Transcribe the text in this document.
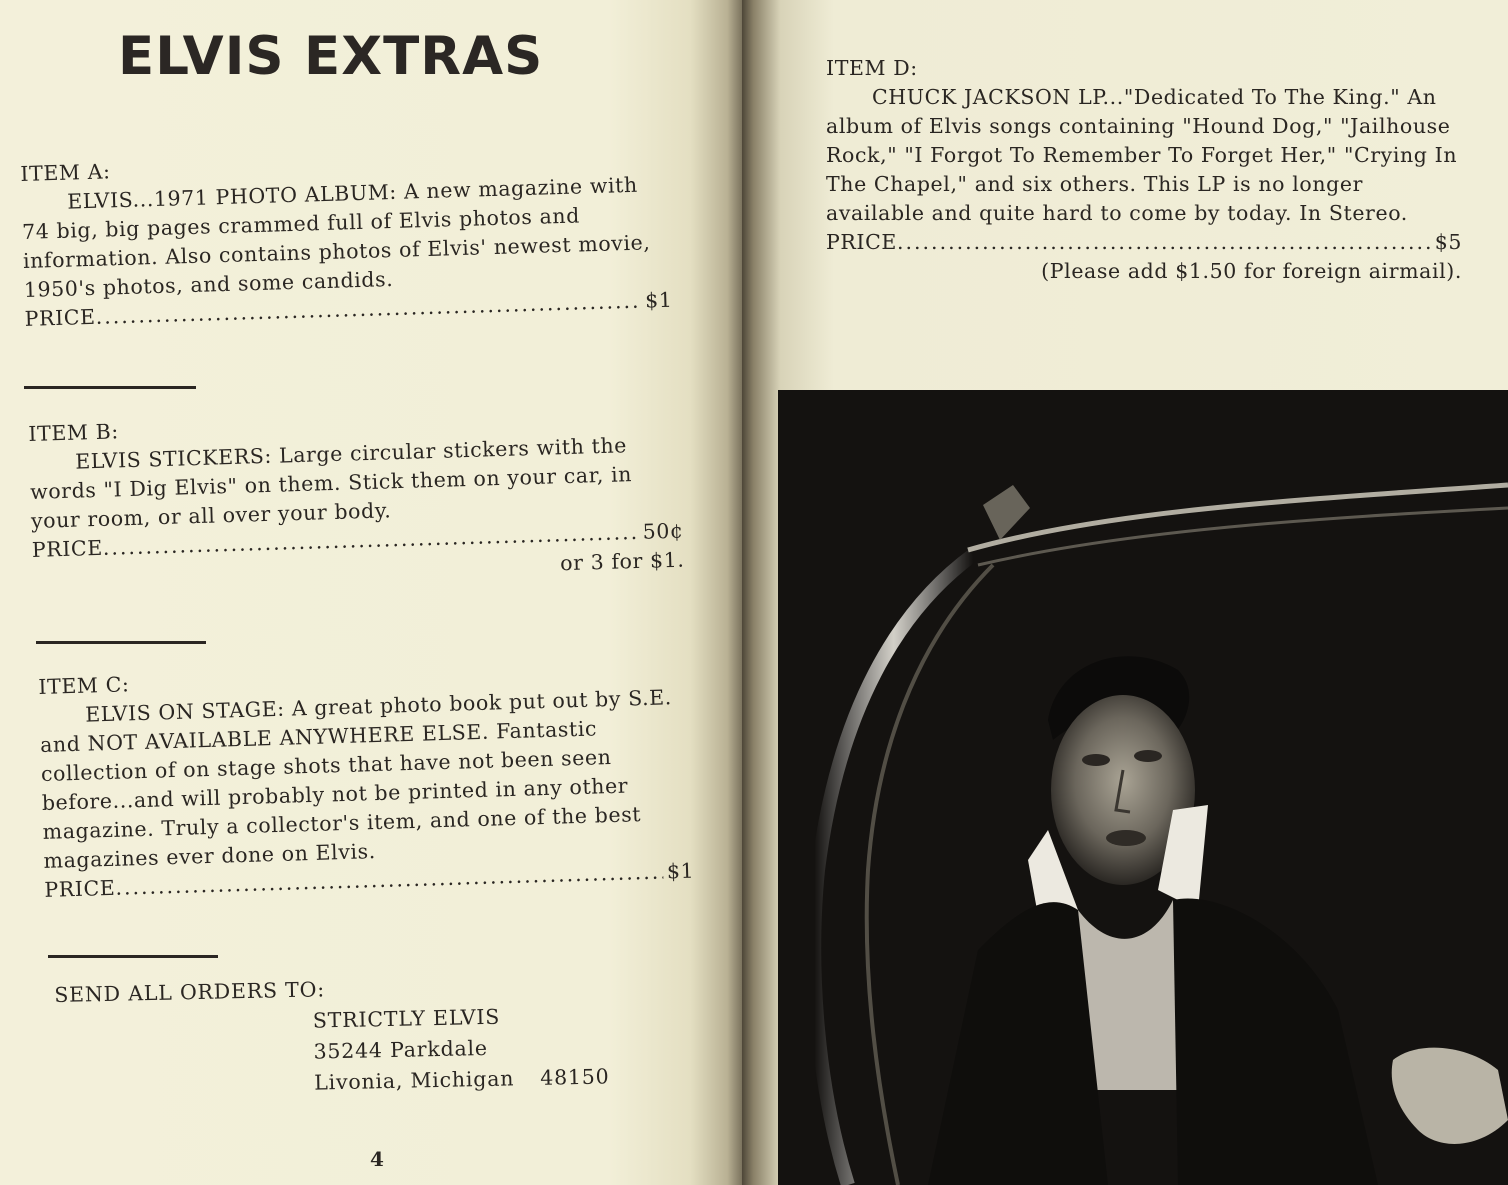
ELVIS EXTRAS
ITEM A:
ELVIS...1971 PHOTO ALBUM: A new magazine with 74 big, big pages crammed full of Elvis photos and information. Also contains photos of Elvis' newest movie, 1950's photos, and some candids.
PRICE
.....
$1
ITEM B:
ELVIS STICKERS: Large circular stickers with the words "I Dig Elvis" on them. Stick them on your car, in your room, or all over your body.
PRICE
.....
50¢
or 3 for $1.
ITEM C:
ELVIS ON STAGE: A great photo book put out by S.E. and NOT AVAILABLE ANYWHERE ELSE. Fantastic collection of on stage shots that have not been seen before...and will probably not be printed in any other magazine. Truly a collector's item, and one of the best magazines ever done on Elvis.
PRICE
.....
$1
SEND ALL ORDERS TO:
STRICTLY ELVIS
35244 Parkdale
Livonia, Michigan 48150
4
ITEM D:
CHUCK JACKSON LP..."Dedicated To The King." An album of Elvis songs containing "Hound Dog," "Jailhouse Rock," "I Forgot To Remember To Forget Her," "Crying In The Chapel," and six others. This LP is no longer available and quite hard to come by today. In Stereo.
PRICE
.....	$5
(Please add $1.50 for foreign airmail).
